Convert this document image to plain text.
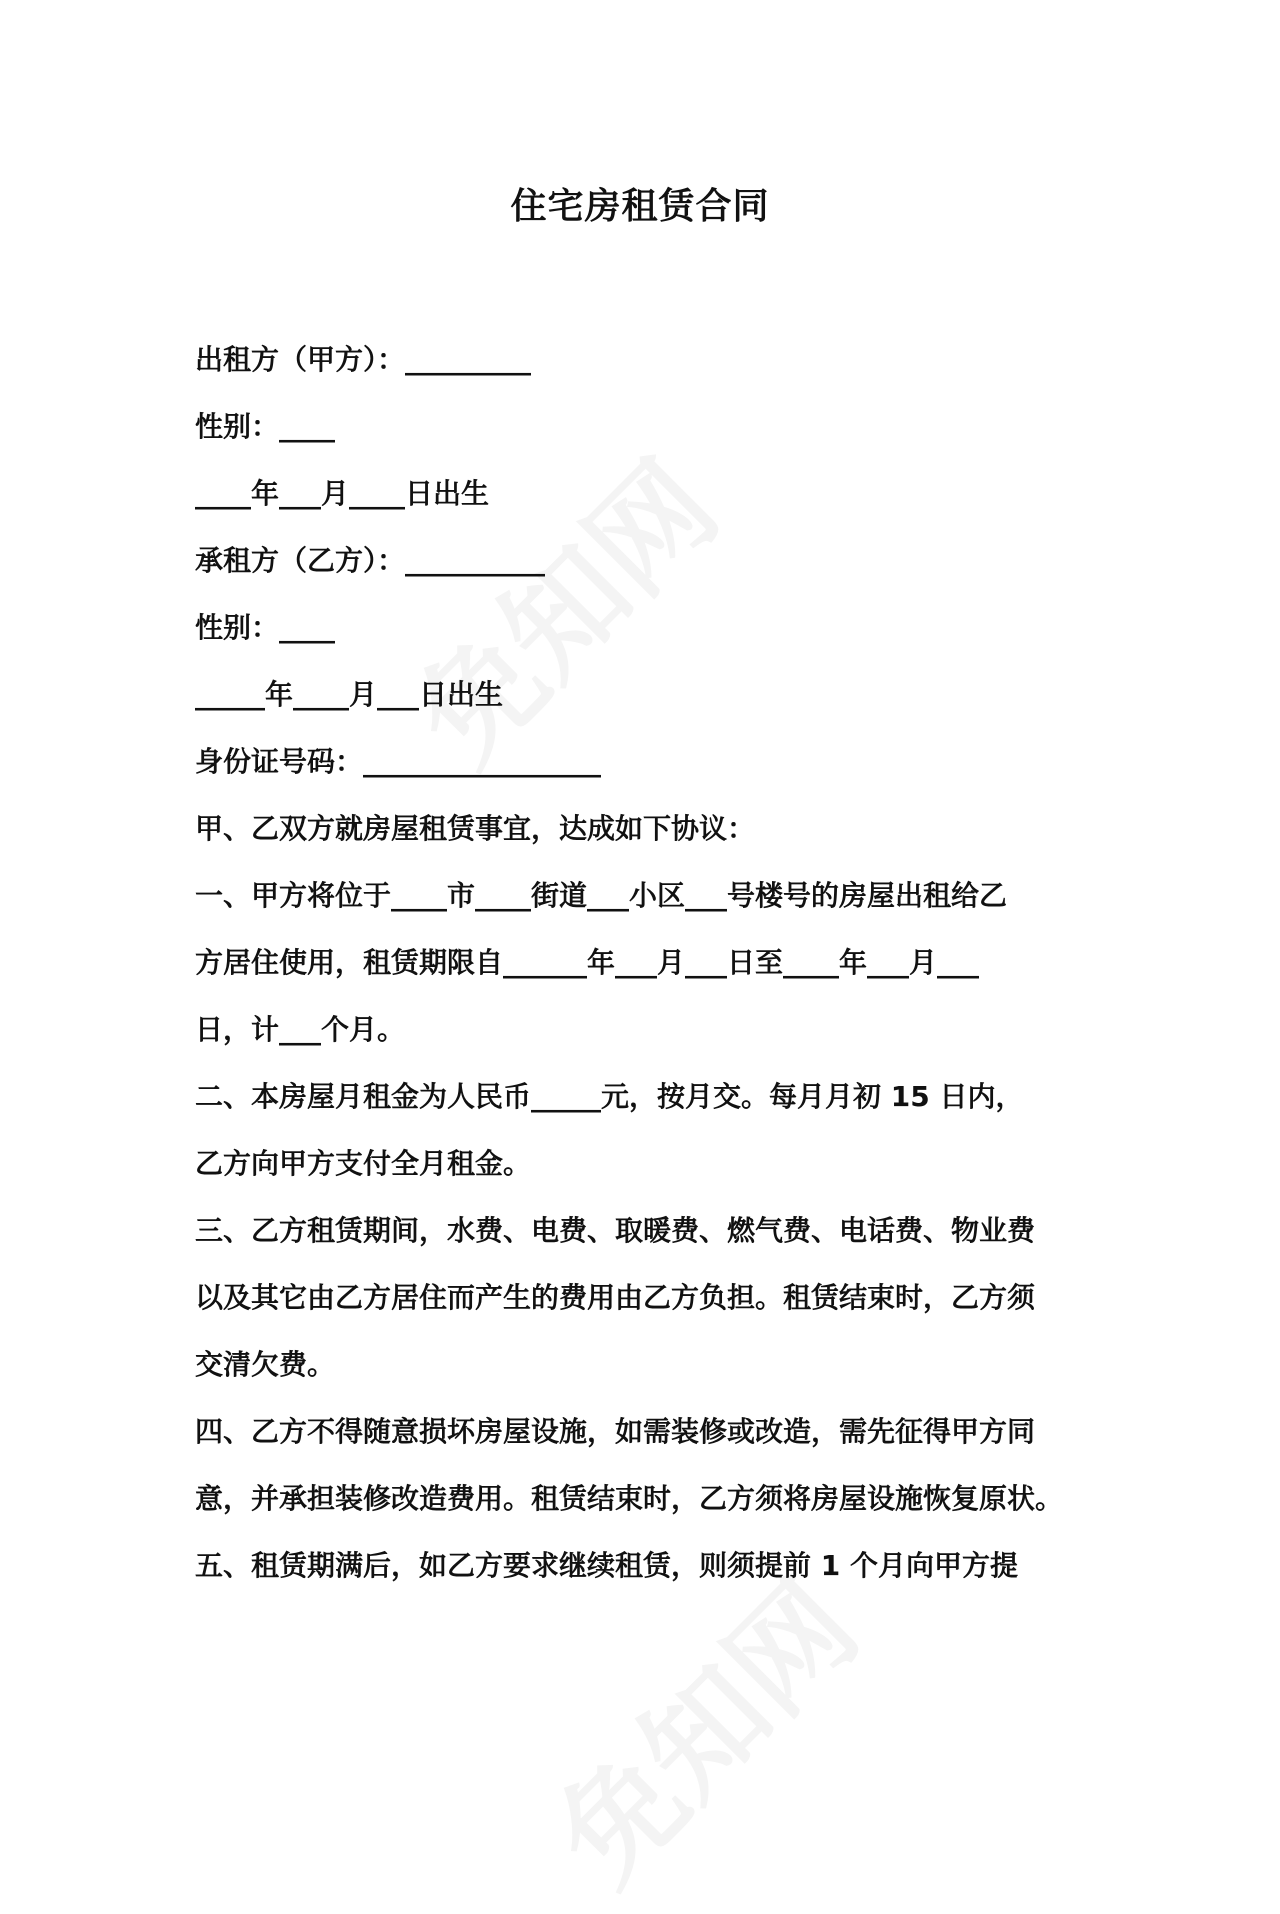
住宅房租赁合同
出租方（甲方）：_________
性别：____
____年___月____日出生
承租方（乙方）：__________
性别：____
_____年____月___日出生
身份证号码：_________________
甲、乙双方就房屋租赁事宜，达成如下协议：
一、甲方将位于____市____街道___小区___号楼号的房屋出租给乙
方居住使用，租赁期限自______年___月___日至____年___月___
日，计___个月。
二、本房屋月租金为人民币_____元，按月交。每月月初 15 日内，
乙方向甲方支付全月租金。
三、乙方租赁期间，水费、电费、取暖费、燃气费、电话费、物业费
以及其它由乙方居住而产生的费用由乙方负担。租赁结束时，乙方须
交清欠费。
四、乙方不得随意损坏房屋设施，如需装修或改造，需先征得甲方同
意，并承担装修改造费用。租赁结束时，乙方须将房屋设施恢复原状。
五、租赁期满后，如乙方要求继续租赁，则须提前 1 个月向甲方提
